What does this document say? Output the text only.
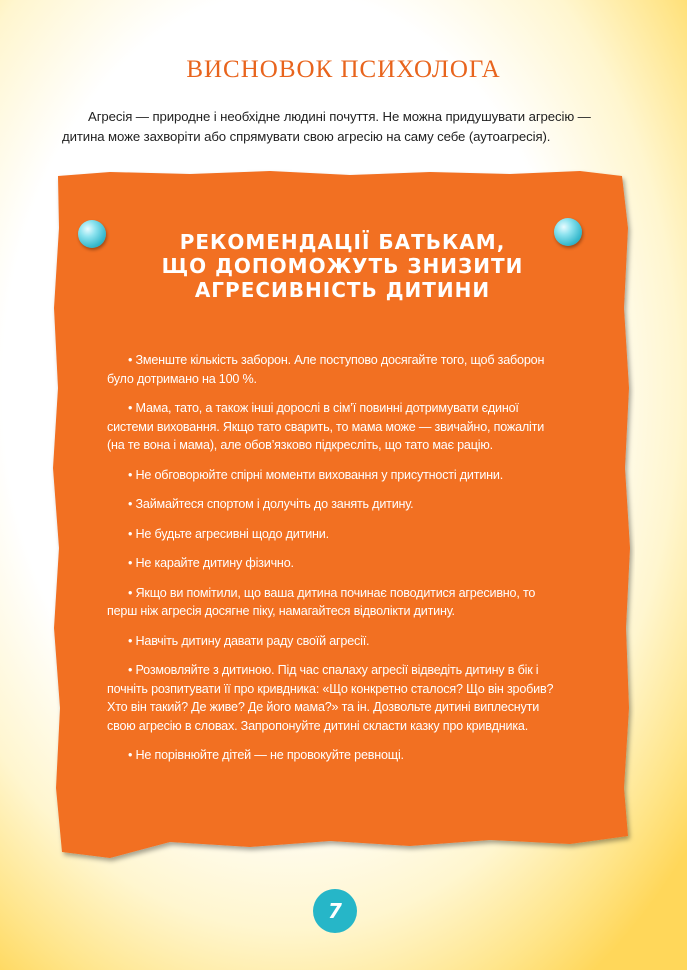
ВИСНОВОК ПСИХОЛОГА

Агресія — природне і необхідне людині почуття. Не можна придушувати агресію — дитина може захворіти або спрямувати свою агресію на саму себе (аутоагресія).

РЕКОМЕНДАЦІЇ БАТЬКАМ,
ЩО ДОПОМОЖУТЬ ЗНИЗИТИ
АГРЕСИВНІСТЬ ДИТИНИ
• Зменште кількість заборон. Але поступово досягайте того, щоб заборон було дотримано на 100 %.
• Мама, тато, а також інші дорослі в сім’ї повинні дотримувати єдиної системи виховання. Якщо тато сварить, то мама може — звичайно, пожаліти (на те вона і мама), але обов’язково підкресліть, що тато має рацію.
• Не обговорюйте спірні моменти виховання у присутності дитини.
• Займайтеся спортом і долучіть до занять дитину.
• Не будьте агресивні щодо дитини.
• Не карайте дитину фізично.
• Якщо ви помітили, що ваша дитина починає поводитися агресивно, то перш ніж агресія досягне піку, намагайтеся відволікти дитину.
• Навчіть дитину давати раду своїй агресії.
• Розмовляйте з дитиною. Під час спалаху агресії відведіть дитину в бік і почніть розпитувати її про кривдника: «Що конкретно сталося? Що він зробив? Хто він такий? Де живе? Де його мама?» та ін. Дозвольте дитині виплеснути свою агресію в словах. Запропонуйте дитині скласти казку про кривдника.
• Не порівнюйте дітей — не провокуйте ревнощі.
7
